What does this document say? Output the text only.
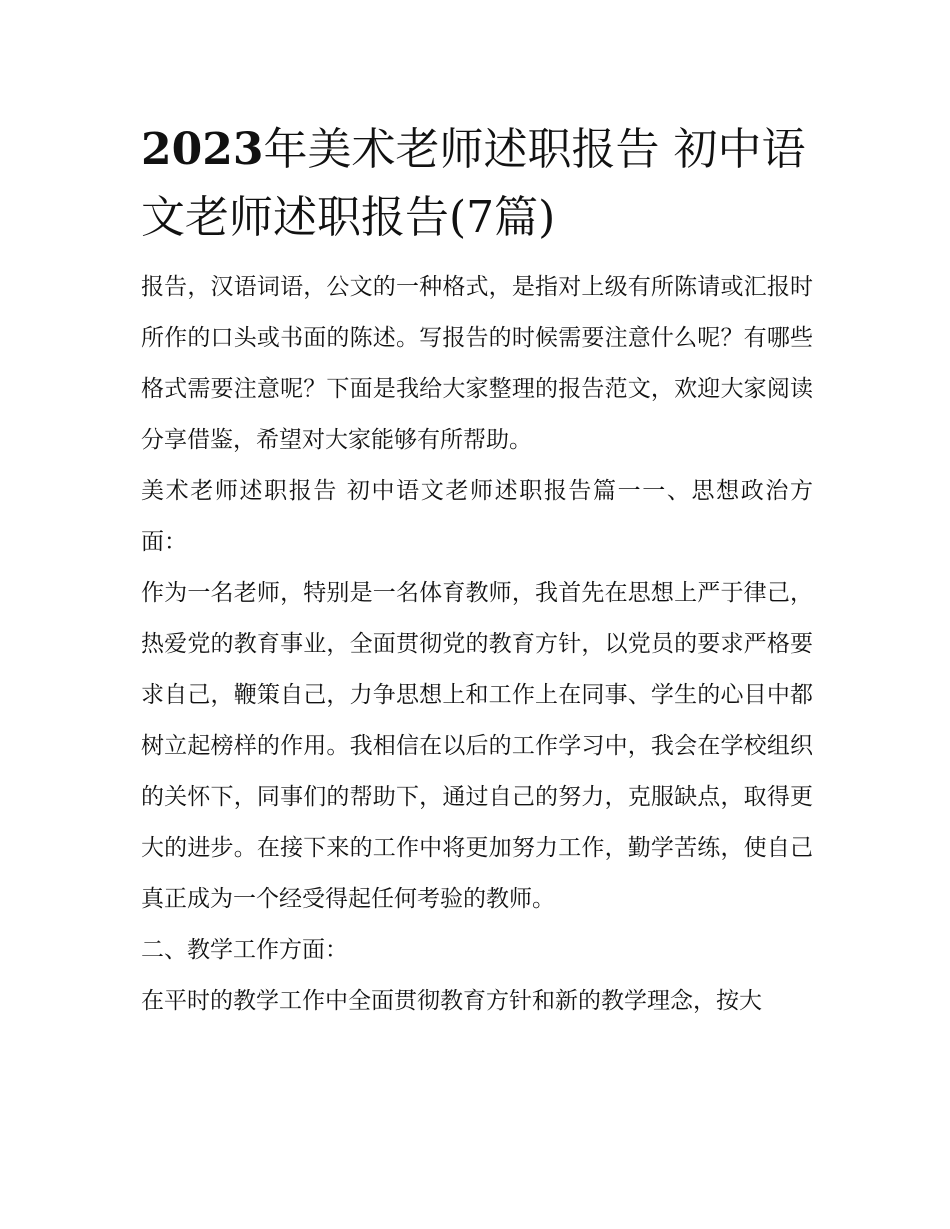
2023年美术老师述职报告 初中语文老师述职报告(7篇)

报告，汉语词语，公文的一种格式，是指对上级有所陈请或汇报时所作的口头或书面的陈述。写报告的时候需要注意什么呢？有哪些格式需要注意呢？下面是我给大家整理的报告范文，欢迎大家阅读分享借鉴，希望对大家能够有所帮助。

美术老师述职报告 初中语文老师述职报告篇一一、思想政治方面：

作为一名老师，特别是一名体育教师，我首先在思想上严于律己，热爱党的教育事业，全面贯彻党的教育方针，以党员的要求严格要求自己，鞭策自己，力争思想上和工作上在同事、学生的心目中都树立起榜样的作用。我相信在以后的工作学习中，我会在学校组织的关怀下，同事们的帮助下，通过自己的努力，克服缺点，取得更大的进步。在接下来的工作中将更加努力工作，勤学苦练，使自己真正成为一个经受得起任何考验的教师。

二、教学工作方面：

在平时的教学工作中全面贯彻教育方针和新的教学理念，按大
